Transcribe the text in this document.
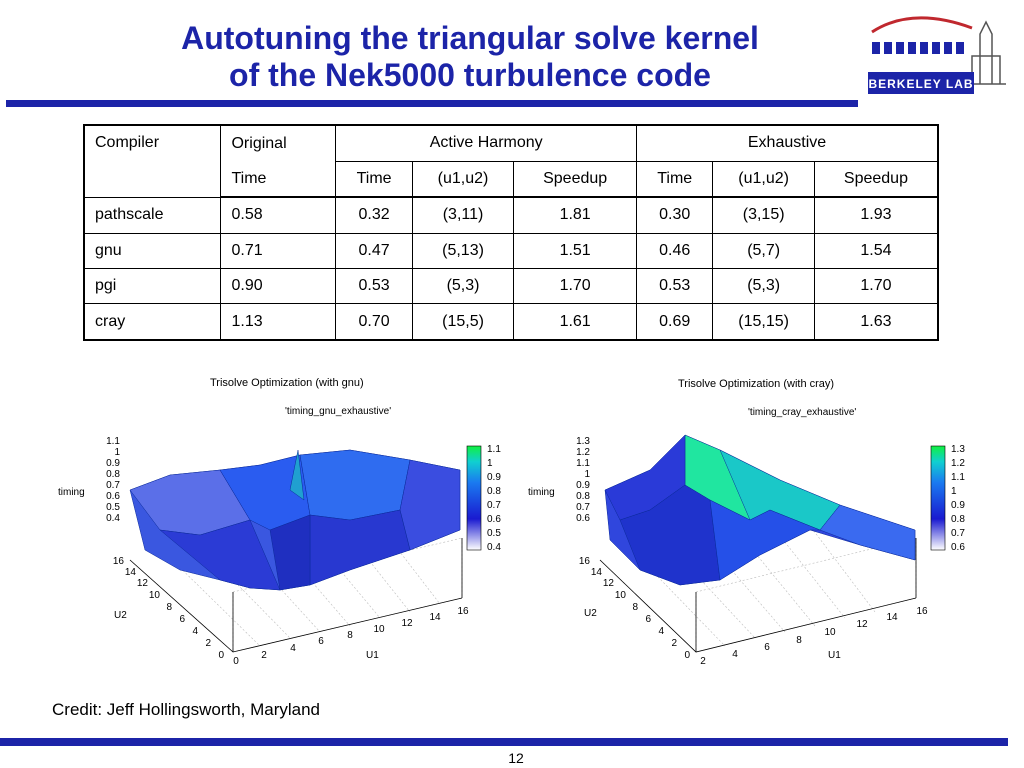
Autotuning the triangular solve kernel
of the Nek5000 turbulence code	BERKELEY LAB
Compiler	Original	Active Harmony			Exhaustive		
	Time	Time	(u1,u2)	Speedup	Time	(u1,u2)	Speedup
pathscale	0.58	0.32	(3,11)	1.81	0.30	(3,15)	1.93
gnu	0.71	0.47	(5,13)	1.51	0.46	(5,7)	1.54
pgi	0.90	0.53	(5,3)	1.70	0.53	(5,3)	1.70
cray	1.13	0.70	(15,5)	1.61	0.69	(15,15)	1.63
Trisolve Optimization (with gnu)
'timing_gnu_exhaustive'
timing
1.1
1
0.9
0.8
0.7
0.6
0.5
0.4
0
2
4
6
8
10
12
14
16
U1
0
2
4
6
8
10
12
14
16
U2
1.1
1
0.9
0.8
0.7
0.6
0.5
0.4
Trisolve Optimization (with cray)
'timing_cray_exhaustive'
timing
1.3
1.2
1.1
1
0.9
0.8
0.7
0.6
2
4
6
8
10
12
14
16
U1
0
2
4
6
8
10
12
14
16
U2
1.3
1.2
1.1
1
0.9
0.8
0.7
0.6
Credit: Jeff Hollingsworth, Maryland
12
